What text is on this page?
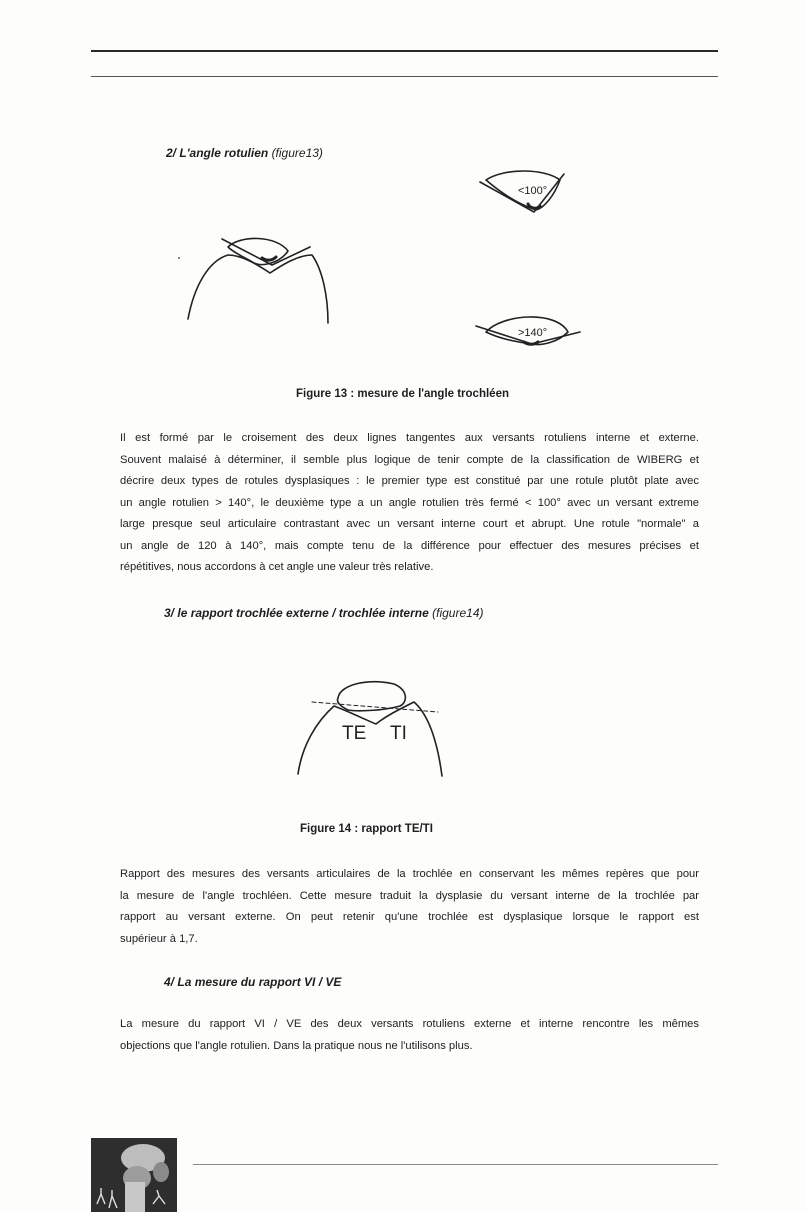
2/ L'angle rotulien (figure13)
<100°
>140°
Figure 13 : mesure de l'angle trochléen

Il est formé par le croisement des deux lignes tangentes aux versants rotuliens interne et externe.
Souvent malaisé à déterminer, il semble plus logique de tenir compte de la classification de WIBERG et
décrire deux types de rotules dysplasiques : le premier type est constitué par une rotule plutôt plate avec
un angle rotulien > 140°, le deuxième type a un angle rotulien très fermé < 100° avec un versant extreme
large presque seul articulaire contrastant avec un versant interne court et abrupt. Une rotule "normale" a
un angle de 120 à 140°, mais compte tenu de la différence pour effectuer des mesures précises et
répétitives, nous accordons à cet angle une valeur très relative.

3/ le rapport trochlée externe / trochlée interne (figure14)
TE TI
Figure 14 : rapport TE/TI

Rapport des mesures des versants articulaires de la trochlée en conservant les mêmes repères que pour
la mesure de l'angle trochléen. Cette mesure traduit la dysplasie du versant interne de la trochlée par
rapport au versant externe. On peut retenir qu'une trochlée est dysplasique lorsque le rapport est
supérieur à 1,7.

4/ La mesure du rapport VI / VE

La mesure du rapport VI / VE des deux versants rotuliens externe et interne rencontre les mêmes
objections que l'angle rotulien. Dans la pratique nous ne l'utilisons plus.
